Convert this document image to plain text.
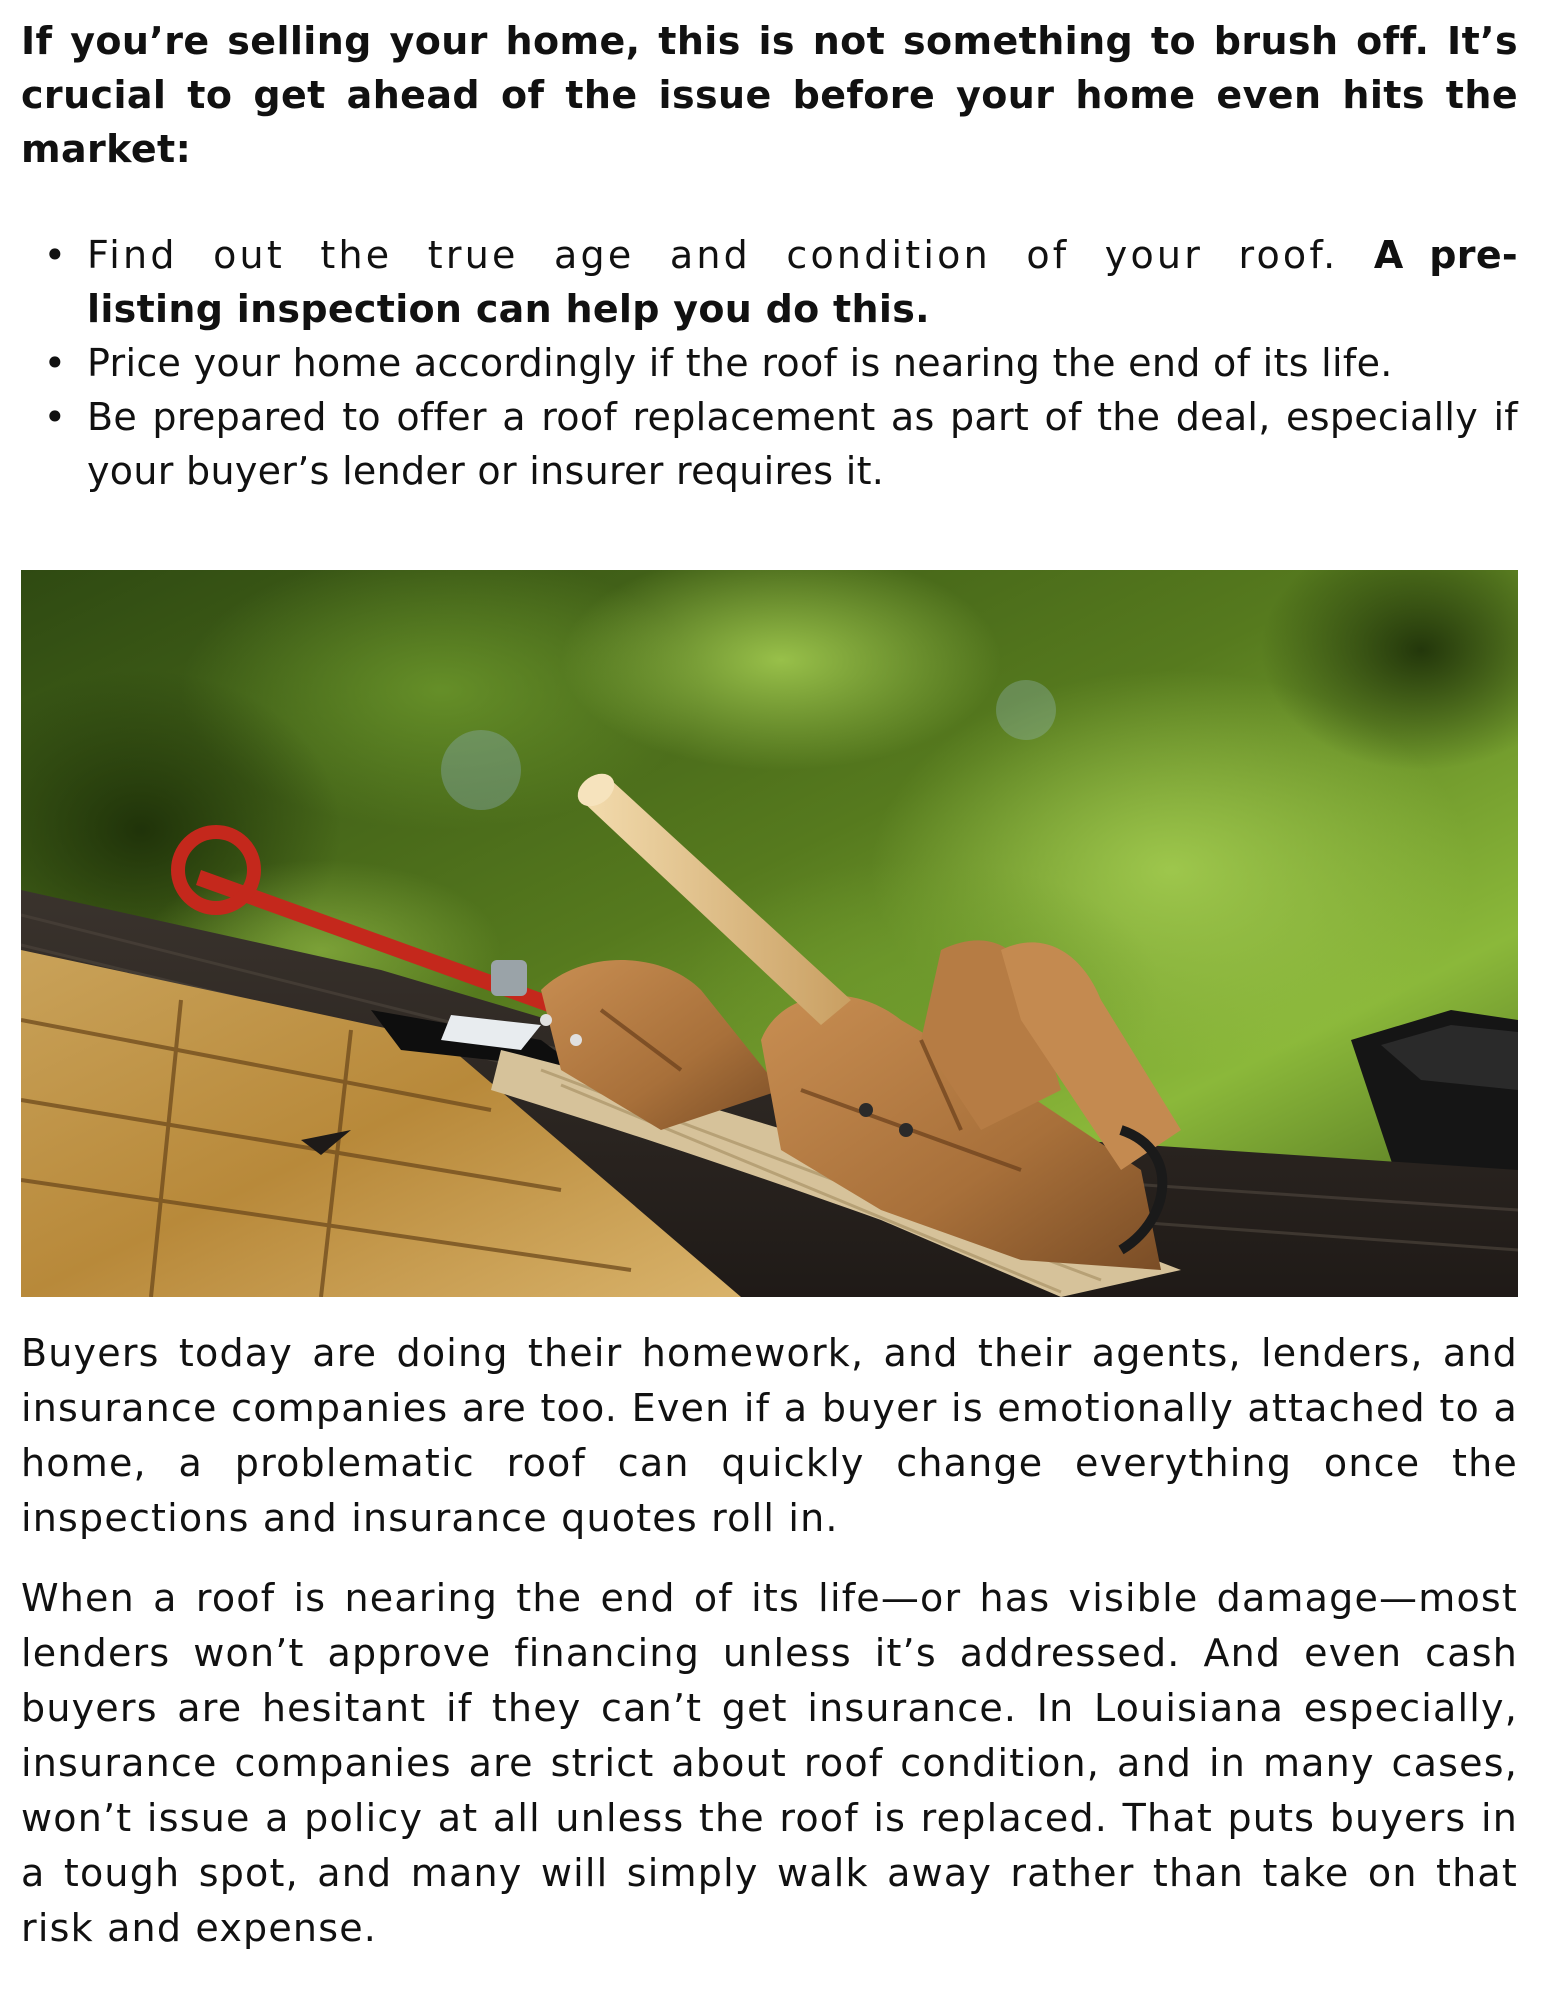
If you’re selling your home, this is not something to brush off. It’s crucial to get ahead of the issue before your home even hits the market:

• Find out the true age and condition of your roof. A pre-listing inspection can help you do this.
• Price your home accordingly if the roof is nearing the end of its life.
• Be prepared to offer a roof replacement as part of the deal, especially if your buyer’s lender or insurer requires it.

Buyers today are doing their homework, and their agents, lenders, and insurance companies are too. Even if a buyer is emotionally attached to a home, a problematic roof can quickly change everything once the inspections and insurance quotes roll in.

When a roof is nearing the end of its life—or has visible damage—most lenders won’t approve financing unless it’s addressed. And even cash buyers are hesitant if they can’t get insurance. In Louisiana especially, insurance companies are strict about roof condition, and in many cases, won’t issue a policy at all unless the roof is replaced. That puts buyers in a tough spot, and many will simply walk away rather than take on that risk and expense.
